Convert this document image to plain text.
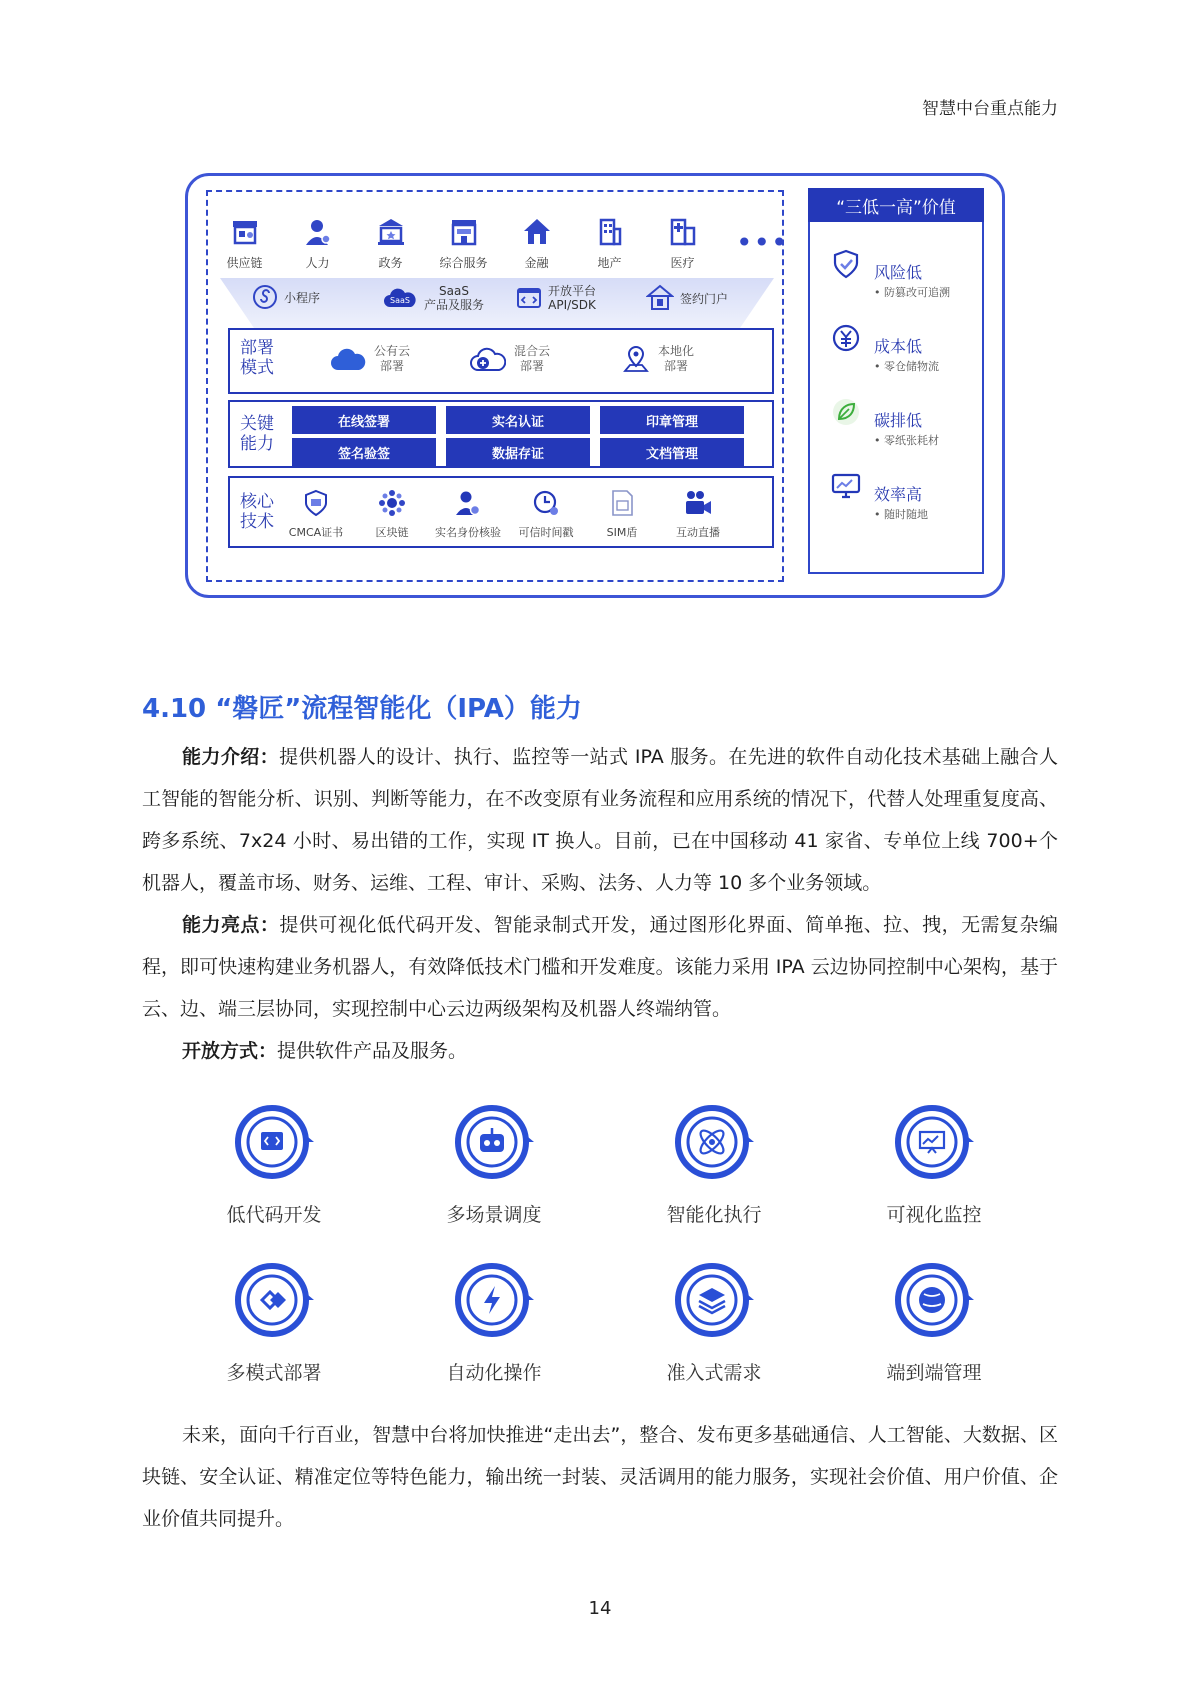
智慧中台重点能力
供应链	人力	政务	综合服务	金融	地产	医疗
•••
小程序	SaaS
SaaS
产品及服务
开放平台
API/SDK	签约门户
部署模式
公有云
部署
混合云
部署
本地化
部署
关键能力
在线签署	实名认证	印章管理
签名验签	数据存证	文档管理
核心技术
CMCA证书	区块链	实名身份核验	可信时间戳	SIM盾	互动直播
“三低一高”价值
风险低
• 防篡改可追溯
成本低
• 零仓储物流
碳排低
• 零纸张耗材
效率高
• 随时随地
4.10 “磐匠”流程智能化（IPA）能力
能力介绍：提供机器人的设计、执行、监控等一站式 IPA 服务。在先进的软件自动化技术基础上融合人工智能的智能分析、识别、判断等能力，在不改变原有业务流程和应用系统的情况下，代替人处理重复度高、跨多系统、7x24 小时、易出错的工作，实现 IT 换人。目前，已在中国移动 41 家省、专单位上线 700+个机器人，覆盖市场、财务、运维、工程、审计、采购、法务、人力等 10 多个业务领域。
能力亮点：提供可视化低代码开发、智能录制式开发，通过图形化界面、简单拖、拉、拽，无需复杂编程，即可快速构建业务机器人，有效降低技术门槛和开发难度。该能力采用 IPA 云边协同控制中心架构，基于云、边、端三层协同，实现控制中心云边两级架构及机器人终端纳管。
开放方式：提供软件产品及服务。
低代码开发	多场景调度	智能化执行	可视化监控
多模式部署	自动化操作	准入式需求	端到端管理
未来，面向千行百业，智慧中台将加快推进“走出去”，整合、发布更多基础通信、人工智能、大数据、区块链、安全认证、精准定位等特色能力，输出统一封装、灵活调用的能力服务，实现社会价值、用户价值、企业价值共同提升。
14
